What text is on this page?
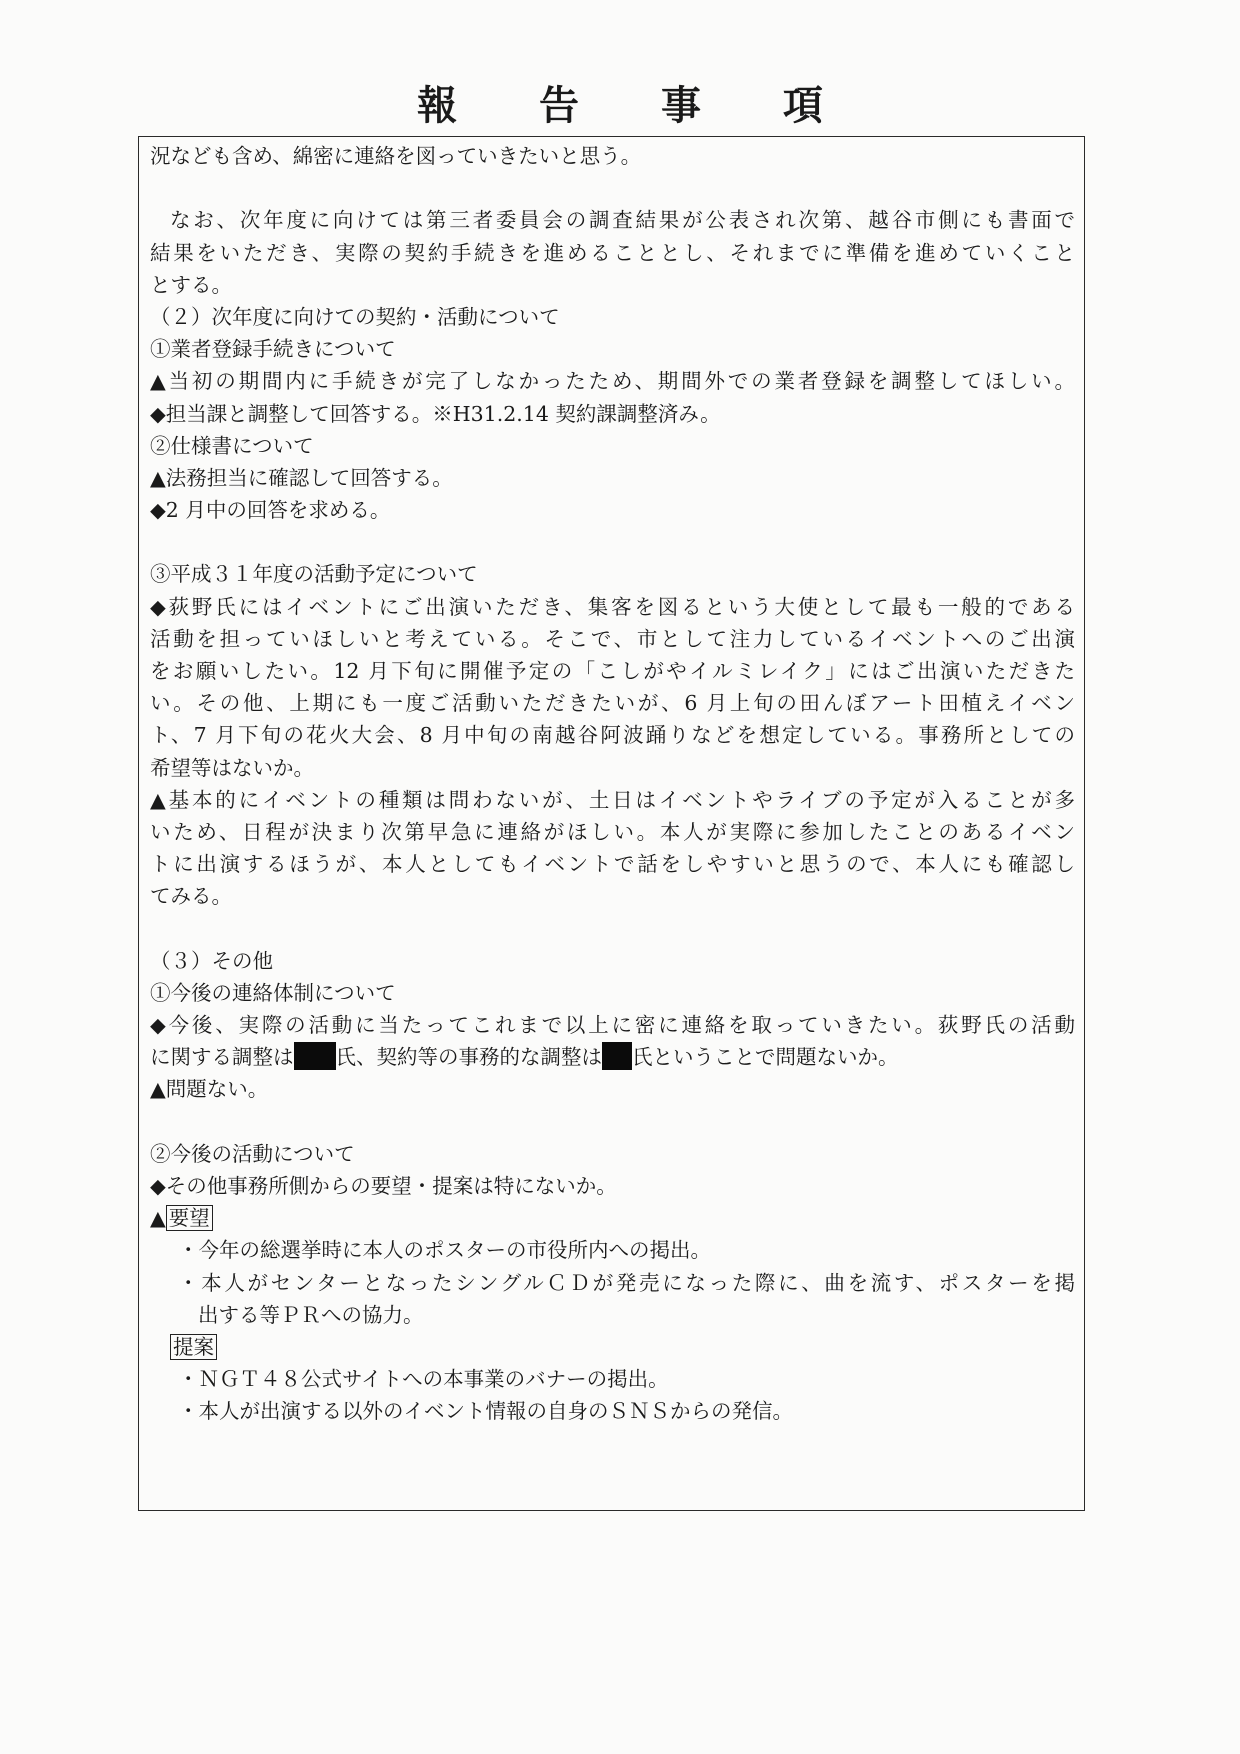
報 告 事 項
況なども含め、綿密に連絡を図っていきたいと思う。
なお、次年度に向けては第三者委員会の調査結果が公表され次第、越谷市側にも書面で
結果をいただき、実際の契約手続きを進めることとし、それまでに準備を進めていくこと
とする。
（２）次年度に向けての契約・活動について
①業者登録手続きについて
▲当初の期間内に手続きが完了しなかったため、期間外での業者登録を調整してほしい。
◆担当課と調整して回答する。※H31.2.14 契約課調整済み。
②仕様書について
▲法務担当に確認して回答する。
◆2 月中の回答を求める。
③平成３１年度の活動予定について
◆荻野氏にはイベントにご出演いただき、集客を図るという大使として最も一般的である
活動を担っていほしいと考えている。そこで、市として注力しているイベントへのご出演
をお願いしたい。12 月下旬に開催予定の「こしがやイルミレイク」にはご出演いただきた
い。その他、上期にも一度ご活動いただきたいが、6 月上旬の田んぼアート田植えイベン
ト、7 月下旬の花火大会、8 月中旬の南越谷阿波踊りなどを想定している。事務所としての
希望等はないか。
▲基本的にイベントの種類は問わないが、土日はイベントやライブの予定が入ることが多
いため、日程が決まり次第早急に連絡がほしい。本人が実際に参加したことのあるイベン
トに出演するほうが、本人としてもイベントで話をしやすいと思うので、本人にも確認し
てみる。
（３）その他
①今後の連絡体制について
◆今後、実際の活動に当たってこれまで以上に密に連絡を取っていきたい。荻野氏の活動
に関する調整は 氏、契約等の事務的な調整は 氏ということで問題ないか。
▲問題ない。
②今後の活動について
◆その他事務所側からの要望・提案は特にないか。
▲ 要望
・今年の総選挙時に本人のポスターの市役所内への掲出。
・本人がセンターとなったシングルＣＤが発売になった際に、曲を流す、ポスターを掲
出する等ＰＲへの協力。
提案
・ＮＧＴ４８公式サイトへの本事業のバナーの掲出。
・本人が出演する以外のイベント情報の自身のＳＮＳからの発信。
